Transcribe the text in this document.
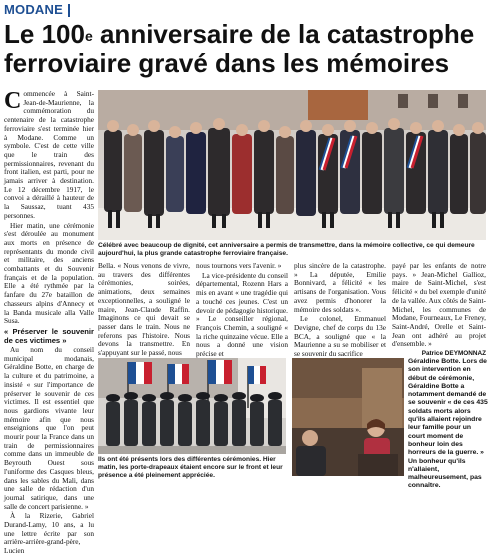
MODANE
Le 100e anniversaire de la catastrophe
ferroviaire gravé dans les mémoires

Commencée à Saint-Jean-de-Maurienne, la commémoration du centenaire de la catastrophe ferroviaire s'est terminée hier à Modane. Comme un symbole. C'est de cette ville que le train des permissionnaires, revenant du front italien, est parti, pour ne jamais arriver à destination. Le 12 décembre 1917, le convoi a déraillé à hauteur de la Saussaz, tuant 435 personnes.

Hier matin, une cérémonie s'est déroulée au monument aux morts en présence de représentants du monde civil et militaire, des anciens combattants et du Souvenir français et de la population. Elle a été rythmée par la fanfare du 27e bataillon de chasseurs alpins d'Annecy et la Banda musicale alla Valle Susa.

« Préserver le souvenir de ces victimes »

Au nom du conseil municipal modanais, Géraldine Botte, en charge de la culture et du patrimoine, a insisté « sur l'importance de préserver le souvenir de ces victimes. Il est essentiel que nous gardions vivante leur mémoire afin que nous enseignions que l'on peut mourir pour la France dans un train de permissionnaires comme dans un immeuble de Beyrouth Ouest sous l'uniforme des Casques bleus, dans les sables du Mali, dans une salle de rédaction d'un journal satirique, dans une salle de concert parisienne. »

À la Rizerie, Gabriel Durand-Lamy, 10 ans, a lu une lettre écrite par son arrière-arrière-grand-père, Lucien

Célébré avec beaucoup de dignité, cet anniversaire a permis de transmettre, dans la mémoire collective, ce qui demeure aujourd'hui, la plus grande catastrophe ferroviaire française.

Bella. « Nous venons de vivre, au travers des différentes cérémonies, soirées, animations, deux semaines exceptionnelles, a souligné le maire, Jean-Claude Raffin. Imaginons ce qui devait se passer dans le train. Nous ne referons pas l'histoire. Nous devons la transmettre. En s'appuyant sur le passé, nous

nous tournons vers l'avenir. »

La vice-présidente du conseil départemental, Rozenn Hars a mis en avant « une tragédie qui a touché ces jeunes. C'est un devoir de pédagogie historique. » Le conseiller régional, François Chemin, a souligné « la riche quinzaine vécue. Elle a nous a donné une vision précise et

plus sincère de la catastrophe. » La députée, Emilie Bonnivard, a félicité « les artisans de l'organisation. Vous avez permis d'honorer la mémoire des soldats ».

Le colonel, Emmanuel Devigne, chef de corps du 13e BCA, a souligné que « la Maurienne a su se mobiliser et se souvenir du sacrifice

payé par les enfants de notre pays. » Jean-Michel Gallioz, maire de Saint-Michel, s'est félicité « du bel exemple d'unité de la vallée. Aux côtés de Saint-Michel, les communes de Modane, Fourneaux, Le Freney, Saint-André, Orelle et Saint-Jean ont adhéré au projet d'ensemble. »

Patrice DEYMONNAZ

Ils ont été présents lors des différentes cérémonies. Hier matin, les porte-drapeaux étaient encore sur le front et leur présence a été pleinement appréciée.
Géraldine Botte. Lors de son intervention en début de cérémonie, Géraldine Botte a notamment demandé de se souvenir « de ces 435 soldats morts alors qu'ils allaient rejoindre leur famille pour un court moment de bonheur loin des horreurs de la guerre. » Un bonheur qu'ils n'allaient, malheureusement, pas connaître.
